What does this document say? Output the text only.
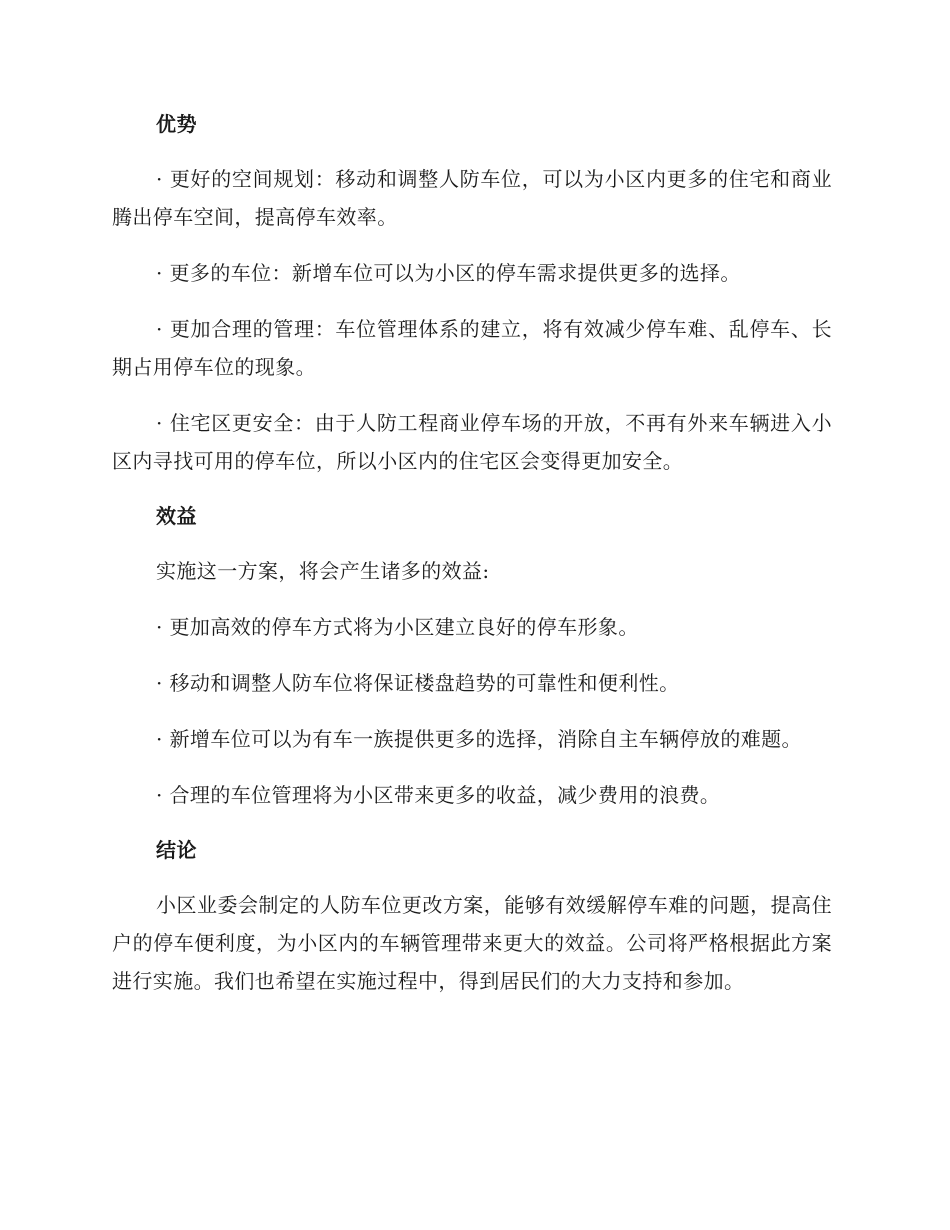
优势

· 更好的空间规划：移动和调整人防车位，可以为小区内更多的住宅和商业腾出停车空间，提高停车效率。

· 更多的车位：新增车位可以为小区的停车需求提供更多的选择。

· 更加合理的管理：车位管理体系的建立，将有效减少停车难、乱停车、长期占用停车位的现象。

· 住宅区更安全：由于人防工程商业停车场的开放，不再有外来车辆进入小区内寻找可用的停车位，所以小区内的住宅区会变得更加安全。

效益

实施这一方案，将会产生诸多的效益:

· 更加高效的停车方式将为小区建立良好的停车形象。

· 移动和调整人防车位将保证楼盘趋势的可靠性和便利性。

· 新增车位可以为有车一族提供更多的选择，消除自主车辆停放的难题。

· 合理的车位管理将为小区带来更多的收益，减少费用的浪费。

结论

小区业委会制定的人防车位更改方案，能够有效缓解停车难的问题，提高住户的停车便利度，为小区内的车辆管理带来更大的效益。公司将严格根据此方案进行实施。我们也希望在实施过程中，得到居民们的大力支持和参加。
